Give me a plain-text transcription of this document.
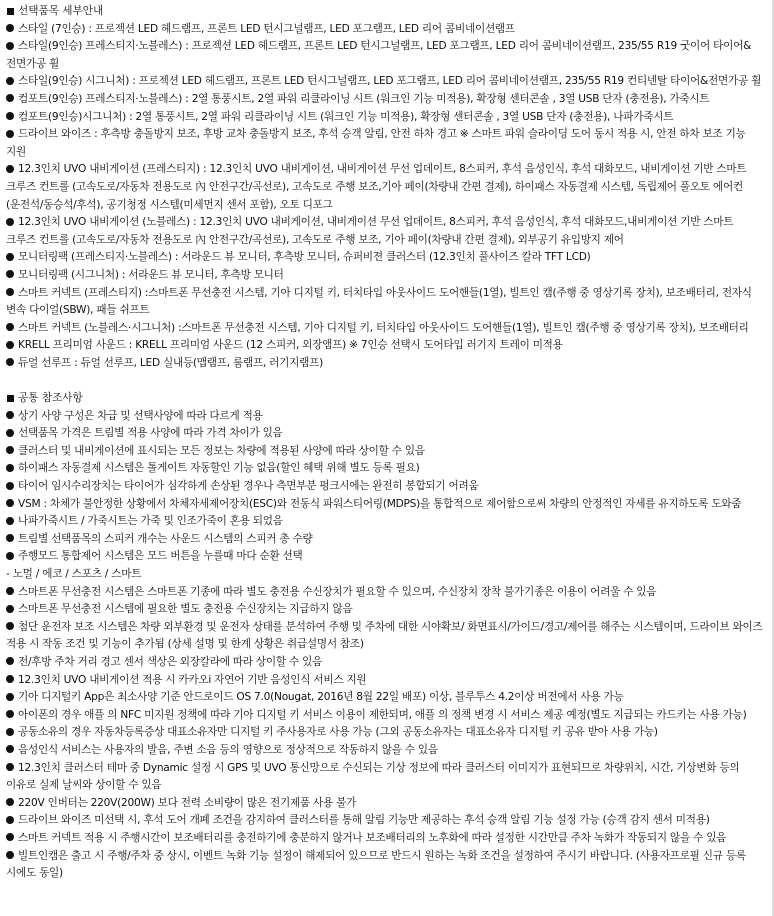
선택품목 세부안내
스타일 (7인승) : 프로젝션 LED 헤드램프, 프론트 LED 턴시그널램프, LED 포그램프, LED 리어 콤비네이션램프
스타일(9인승) 프레스티지·노블레스) : 프로젝션 LED 헤드램프, 프론트 LED 턴시그널램프, LED 포그램프, LED 리어 콤비네이션램프, 235/55 R19 굿이어 타이어&전면가공 휠
스타일(9인승) 시그니처) : 프로젝션 LED 헤드램프, 프론트 LED 턴시그널램프, LED 포그램프, LED 리어 콤비네이션램프, 235/55 R19 컨티넨탈 타이어&전면가공 휠
컴포트(9인승) 프레스티지·노블레스) : 2열 통풍시트, 2열 파워 리클라이닝 시트 (워크인 기능 미적용), 확장형 센터콘솔 , 3열 USB 단자 (충전용), 가죽시트
컴포트(9인승)시그니처) : 2열 통풍시트, 2열 파워 리클라이닝 시트 (워크인 기능 미적용), 확장형 센터콘솔 , 3열 USB 단자 (충전용), 나파가죽시트
드라이브 와이즈 : 후측방 충돌방지 보조, 후방 교차 충돌방지 보조, 후석 승객 알림, 안전 하차 경고 ※ 스마트 파워 슬라이딩 도어 동시 적용 시, 안전 하차 보조 기능 지원
12.3인치 UVO 내비게이션 (프레스티지) : 12.3인치 UVO 내비게이션, 내비게이션 무선 업데이트, 8스피커, 후석 음성인식, 후석 대화모드, 내비게이션 기반 스마트 크루즈 컨트롤 (고속도로/자동차 전용도로 內 안전구간/곡선로), 고속도로 주행 보조,기아 페이(차량내 간편 결제), 하이패스 자동결제 시스템, 독립제어 풀오토 에어컨(운전석/동승석/후석), 공기청정 시스템(미세먼지 센서 포함), 오토 디포그
12.3인치 UVO 내비게이션 (노블레스) : 12.3인치 UVO 내비게이션, 내비게이션 무선 업데이트, 8스피커, 후석 음성인식, 후석 대화모드,내비게이션 기반 스마트 크루즈 컨트롤 (고속도로/자동차 전용도로 內 안전구간/곡선로), 고속도로 주행 보조, 기아 페이(차량내 간편 결제), 외부공기 유입방지 제어
모니터링팩 (프레스티지·노블레스) : 서라운드 뷰 모니터, 후측방 모니터, 슈퍼비젼 클러스터 (12.3인치 풀사이즈 칼라 TFT LCD)
모니터링팩 (시그니처) : 서라운드 뷰 모니터, 후측방 모니터
스마트 커넥트 (프레스티지) :스마트폰 무선충전 시스템, 기아 디지털 키, 터치타입 아웃사이드 도어핸들(1열), 빌트인 캠(주행 중 영상기록 장치), 보조배터리, 전자식 변속 다이얼(SBW), 패들 쉬프트
스마트 커넥트 (노블레스·시그니처) :스마트폰 무선충전 시스템, 기아 디지털 키, 터치타입 아웃사이드 도어핸들(1열), 빌트인 캠(주행 중 영상기록 장치), 보조배터리
KRELL 프리미엄 사운드 : KRELL 프리미엄 사운드 (12 스피커, 외장앰프) ※ 7인승 선택시 도어타입 러기지 트레이 미적용
듀얼 선루프 : 듀얼 선루프, LED 실내등(맵램프, 룸램프, 러기지램프)
공통 참조사항
상기 사양 구성은 차급 및 선택사양에 따라 다르게 적용
선택품목 가격은 트림별 적용 사양에 따라 가격 차이가 있음
클러스터 및 내비게이션에 표시되는 모든 정보는 차량에 적용된 사양에 따라 상이할 수 있음
하이패스 자동결제 시스템은 톨게이트 자동할인 기능 없음(할인 혜택 위해 별도 등록 필요)
타이어 임시수리장치는 타이어가 심각하게 손상된 경우나 측면부분 펑크시에는 완전히 봉합되기 어려움
VSM : 차체가 불안정한 상황에서 차체자세제어장치(ESC)와 전동식 파워스티어링(MDPS)을 통합적으로 제어함으로써 차량의 안정적인 자세를 유지하도록 도와줌
나파가죽시트 / 가죽시트는 가죽 및 인조가죽이 혼용 되었음
트림별 선택품목의 스피커 개수는 사운드 시스템의 스피커 총 수량
주행모드 통합제어 시스템은 모드 버튼을 누를때 마다 순환 선택
- 노멀 / 에코 / 스포츠 / 스마트
스마트폰 무선충전 시스템은 스마트폰 기종에 따라 별도 충전용 수신장치가 필요할 수 있으며, 수신장치 장착 불가기종은 이용이 어려울 수 있음
스마트폰 무선충전 시스템에 필요한 별도 충전용 수신장치는 지급하지 않음
첨단 운전자 보조 시스템은 차량 외부환경 및 운전자 상태를 분석하여 주행 및 주차에 대한 시야확보/ 화면표시/가이드/경고/제어를 해주는 시스템이며, 드라이브 와이즈 적용 시 작동 조건 및 기능이 추가됨 (상세 설명 및 한계 상황은 취급설명서 참조)
전/후방 주차 거리 경고 센서 색상은 외장칼라에 따라 상이할 수 있음
12.3인치 UVO 내비게이션 적용 시 카카오i 자연어 기반 음성인식 서비스 지원
기아 디지털키 App은 최소사양 기준 안드로이드 OS 7.0(Nougat, 2016년 8월 22일 배포) 이상, 블루투스 4.2이상 버전에서 사용 가능
아이폰의 경우 애플 의 NFC 미지원 정책에 따라 기아 디지털 키 서비스 이용이 제한되며, 애플 의 정책 변경 시 서비스 제공 예정(별도 지급되는 카드키는 사용 가능)
공동소유의 경우 자동차등록증상 대표소유자만 디지털 키 주사용자로 사용 가능 (그외 공동소유자는 대표소유자 디지털 키 공유 받아 사용 가능)
음성인식 서비스는 사용자의 발음, 주변 소음 등의 영향으로 정상적으로 작동하지 않을 수 있음
12.3인치 클러스터 테마 중 Dynamic 설정 시 GPS 및 UVO 통신망으로 수신되는 기상 정보에 따라 클러스터 이미지가 표현되므로 차량위치, 시간, 기상변화 등의 이유로 실제 날씨와 상이할 수 있음
220V 인버터는 220V(200W) 보다 전력 소비량이 많은 전기제품 사용 불가
드라이브 와이즈 미선택 시, 후석 도어 개폐 조건을 감지하여 클러스터를 통해 알림 기능만 제공하는 후석 승객 알림 기능 설정 가능 (승객 감지 센서 미적용)
스마트 커넥트 적용 시 주행시간이 보조배터리를 충전하기에 충분하지 않거나 보조배터리의 노후화에 따라 설정한 시간만큼 주차 녹화가 작동되지 않을 수 있음
빌트인캠은 출고 시 주행/주차 중 상시, 이벤트 녹화 기능 설정이 해제되어 있으므로 반드시 원하는 녹화 조건을 설정하여 주시기 바랍니다. (사용자프로필 신규 등록 시에도 동일)
